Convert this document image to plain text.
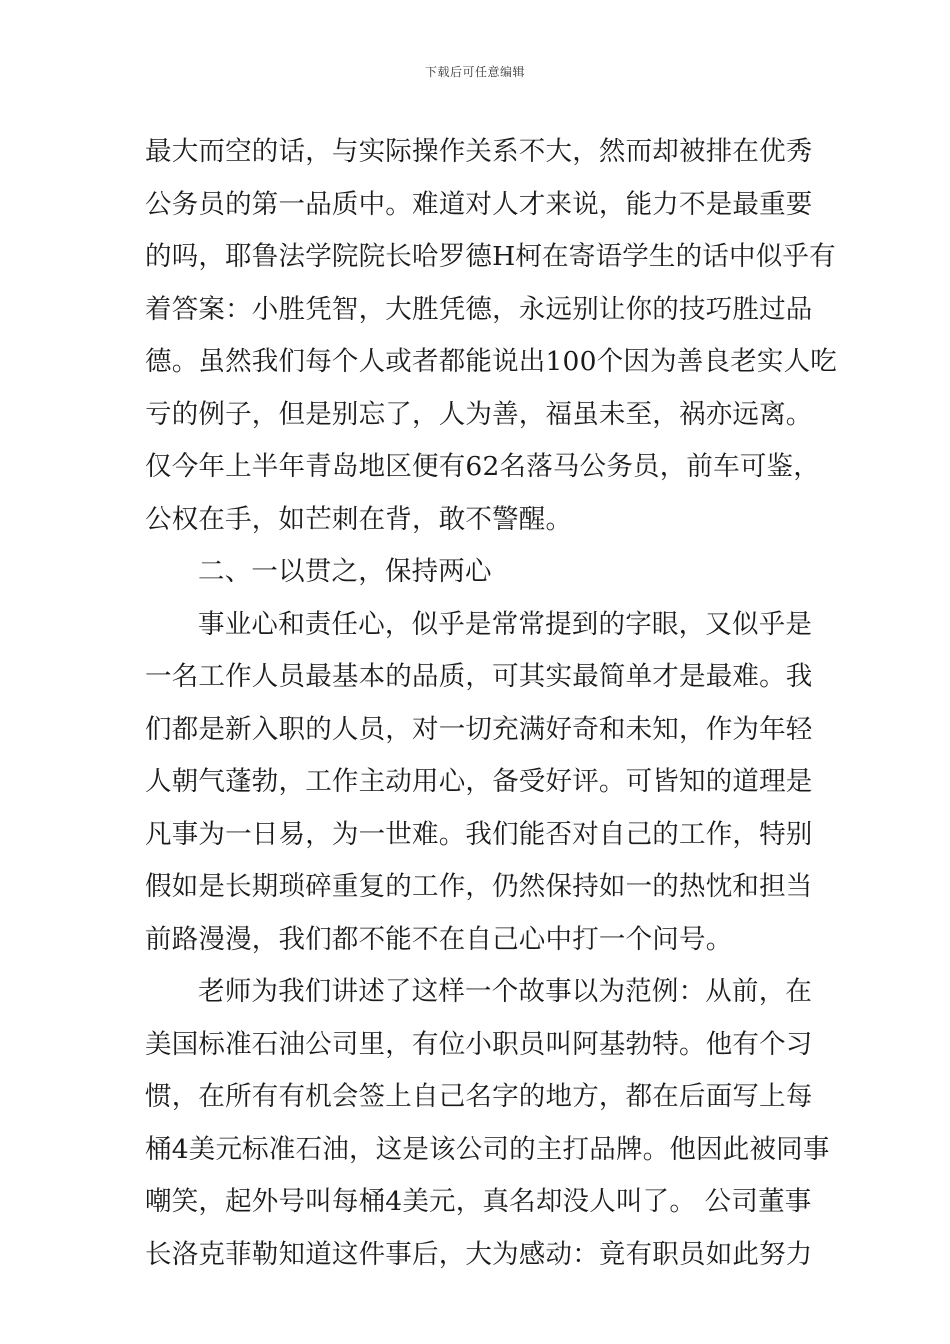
下载后可任意编辑
最大而空的话，与实际操作关系不大，然而却被排在优秀
公务员的第一品质中。难道对人才来说，能力不是最重要
的吗，耶鲁法学院院长哈罗德H柯在寄语学生的话中似乎有
着答案：小胜凭智，大胜凭德，永远别让你的技巧胜过品
德。虽然我们每个人或者都能说出100个因为善良老实人吃
亏的例子，但是别忘了，人为善，福虽未至，祸亦远离。
仅今年上半年青岛地区便有62名落马公务员，前车可鉴，
公权在手，如芒刺在背，敢不警醒。
二、一以贯之，保持两心
事业心和责任心，似乎是常常提到的字眼，又似乎是
一名工作人员最基本的品质，可其实最简单才是最难。我
们都是新入职的人员，对一切充满好奇和未知，作为年轻
人朝气蓬勃，工作主动用心，备受好评。可皆知的道理是
凡事为一日易，为一世难。我们能否对自己的工作，特别
假如是长期琐碎重复的工作，仍然保持如一的热忱和担当
前路漫漫，我们都不能不在自己心中打一个问号。
老师为我们讲述了这样一个故事以为范例：从前，在
美国标准石油公司里，有位小职员叫阿基勃特。他有个习
惯，在所有有机会签上自己名字的地方，都在后面写上每
桶4美元标准石油，这是该公司的主打品牌。他因此被同事
嘲笑，起外号叫每桶4美元，真名却没人叫了。 公司董事
长洛克菲勒知道这件事后，大为感动：竟有职员如此努力
